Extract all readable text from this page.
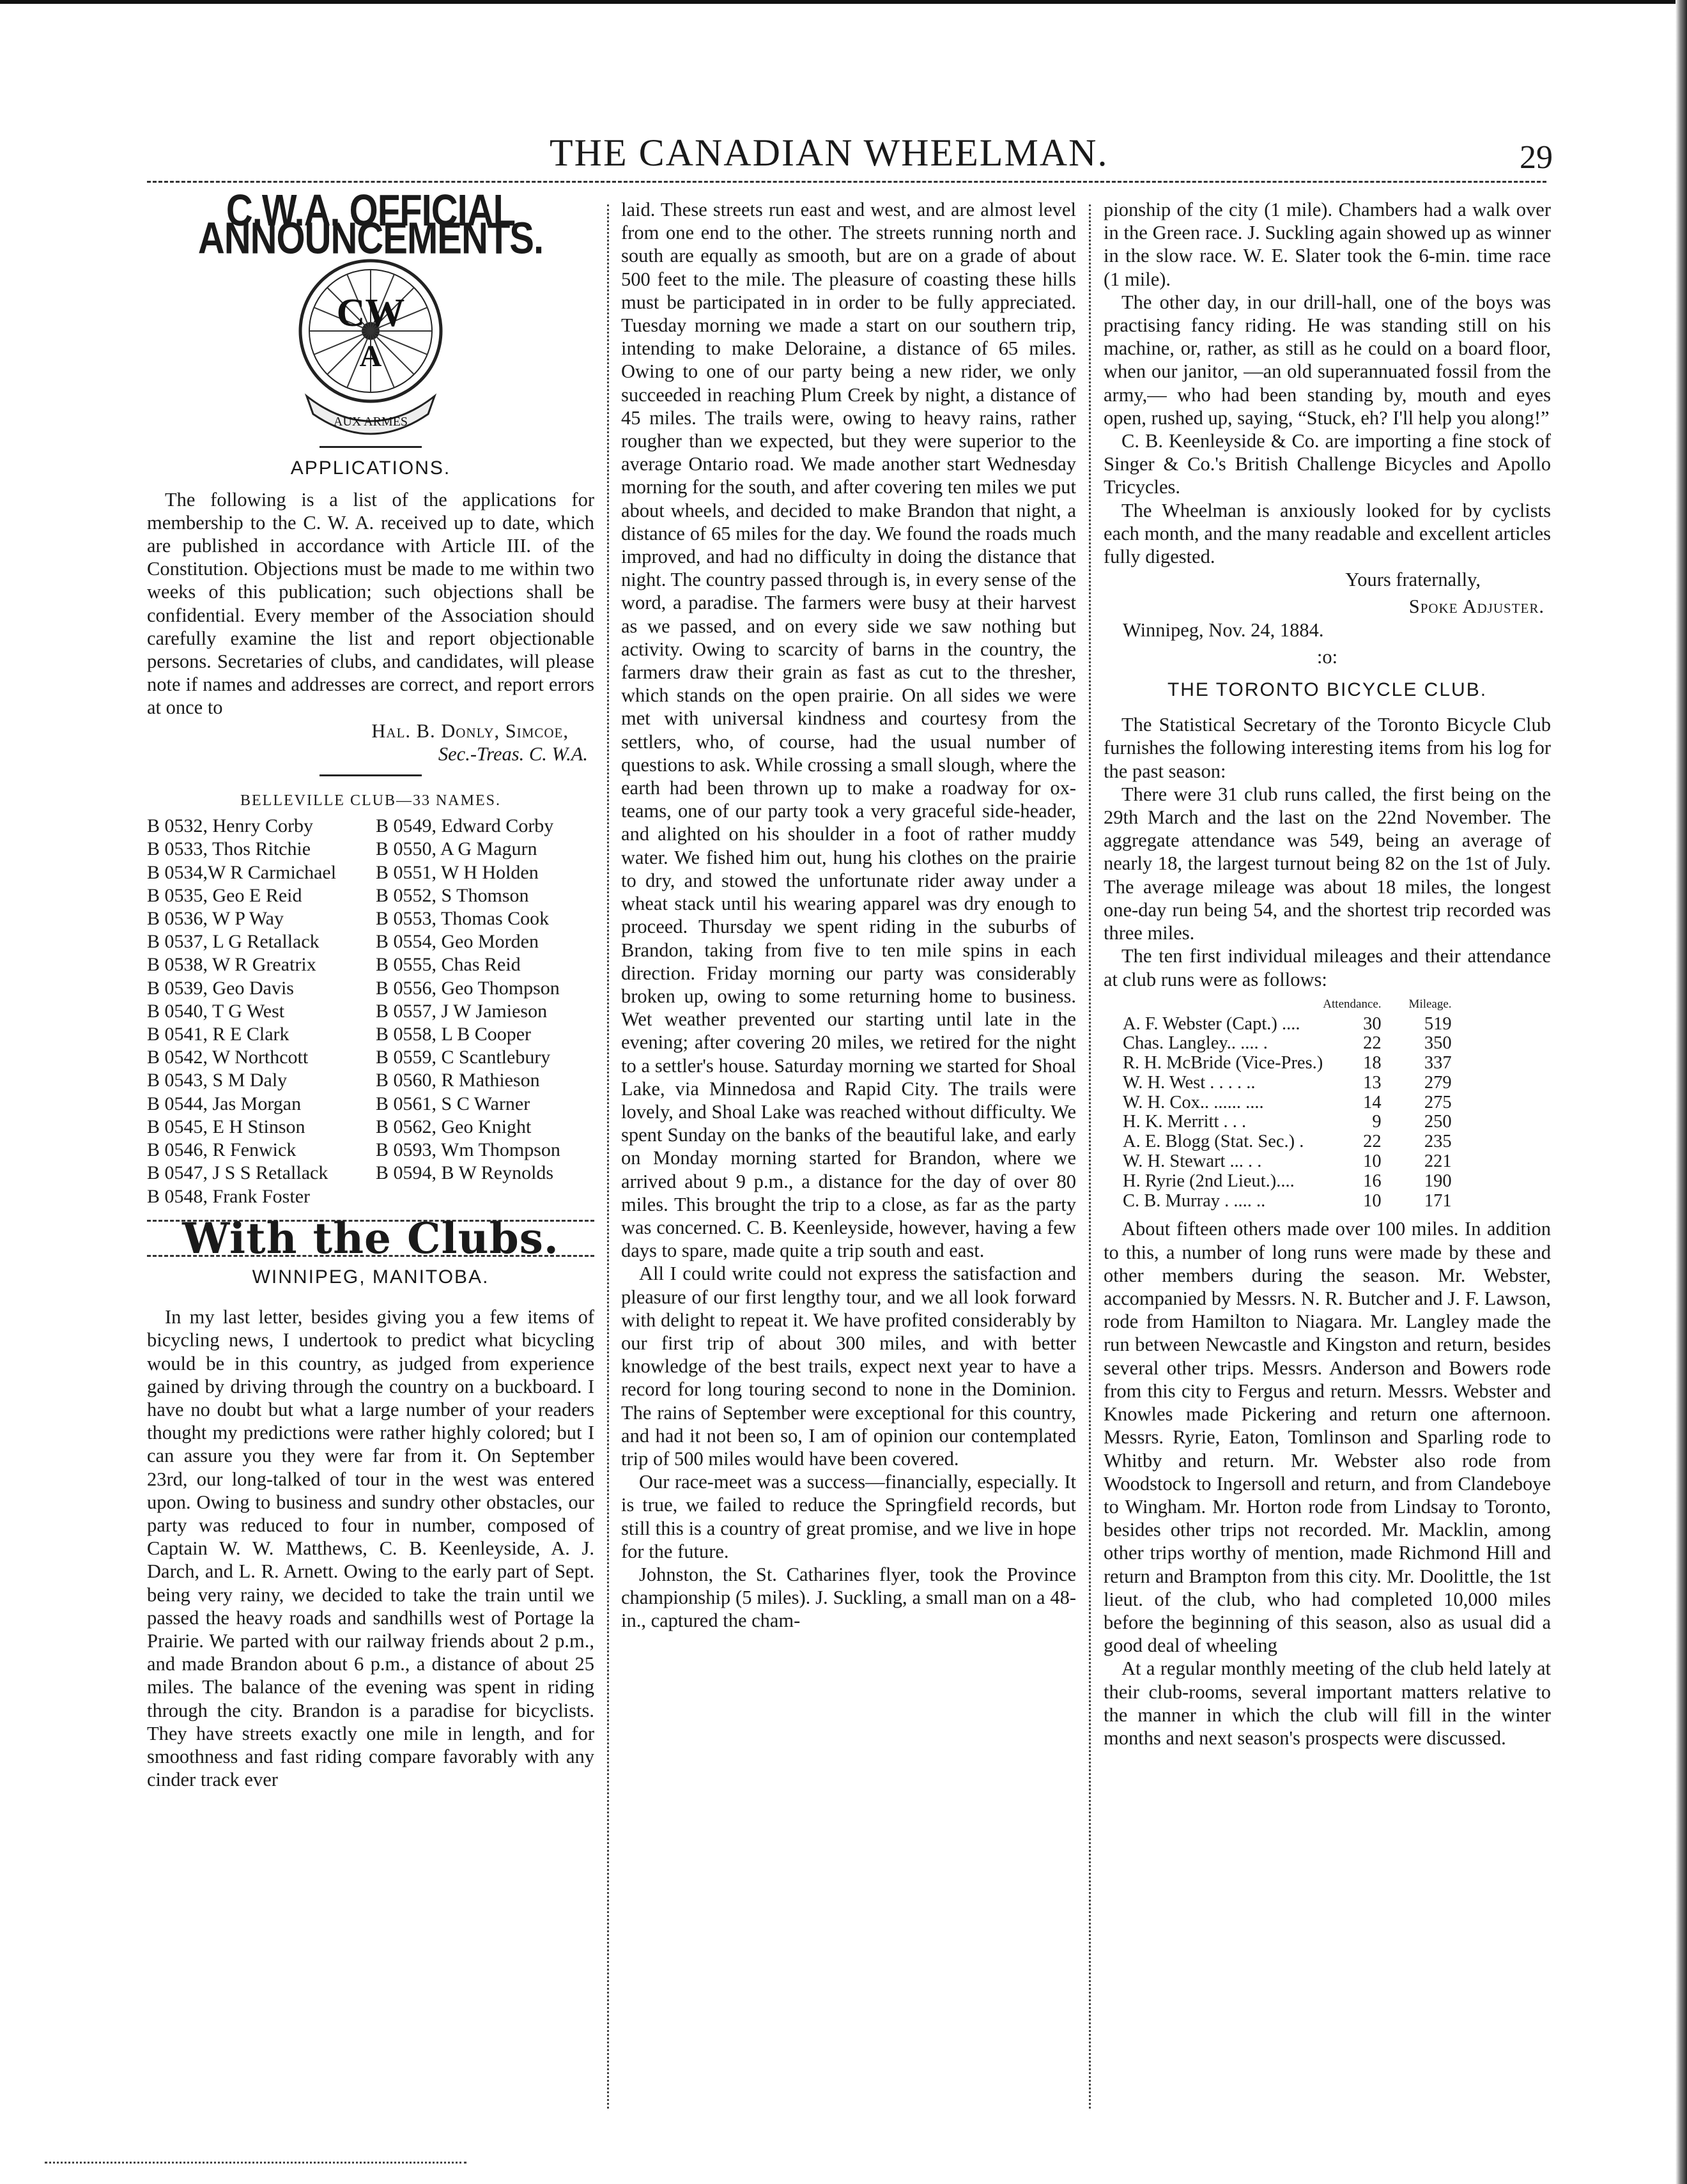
THE CANADIAN WHEELMAN.	29
C.W.A. OFFICIAL ANNOUNCEMENTS.
CW
A
AUX ARMES
APPLICATIONS.

The following is a list of the applications for membership to the C. W. A. received up to date, which are published in accordance with Article III. of the Constitution. Objections must be made to me within two weeks of this publication; such objections shall be confidential. Every member of the Association should carefully examine the list and report objectionable persons. Secretaries of clubs, and candidates, will please note if names and addresses are correct, and report errors at once to

Hal. B. Donly, Simcoe,
Sec.-Treas. C. W.A.
BELLEVILLE CLUB—33 NAMES.
B 0532, Henry Corby	B 0549, Edward Corby
B 0533, Thos Ritchie	B 0550, A G Magurn
B 0534,W R Carmichael	B 0551, W H Holden
B 0535, Geo E Reid	B 0552, S Thomson
B 0536, W P Way	B 0553, Thomas Cook
B 0537, L G Retallack	B 0554, Geo Morden
B 0538, W R Greatrix	B 0555, Chas Reid
B 0539, Geo Davis	B 0556, Geo Thompson
B 0540, T G West	B 0557, J W Jamieson
B 0541, R E Clark	B 0558, L B Cooper
B 0542, W Northcott	B 0559, C Scantlebury
B 0543, S M Daly	B 0560, R Mathieson
B 0544, Jas Morgan	B 0561, S C Warner
B 0545, E H Stinson	B 0562, Geo Knight
B 0546, R Fenwick	B 0593, Wm Thompson
B 0547, J S S Retallack	B 0594, B W Reynolds
B 0548, Frank Foster
With the Clubs.
WINNIPEG, MANITOBA.

In my last letter, besides giving you a few items of bicycling news, I undertook to predict what bicycling would be in this country, as judged from experience gained by driving through the country on a buckboard. I have no doubt but what a large number of your readers thought my predictions were rather highly colored; but I can assure you they were far from it. On September 23rd, our long-talked of tour in the west was entered upon. Owing to business and sundry other obstacles, our party was reduced to four in number, composed of Captain W. W. Matthews, C. B. Keenleyside, A. J. Darch, and L. R. Arnett. Owing to the early part of Sept. being very rainy, we decided to take the train until we passed the heavy roads and sandhills west of Portage la Prairie. We parted with our railway friends about 2 p.m., and made Brandon about 6 p.m., a distance of about 25 miles. The balance of the evening was spent in riding through the city. Brandon is a paradise for bicyclists. They have streets exactly one mile in length, and for smoothness and fast riding compare favorably with any cinder track ever

laid. These streets run east and west, and are almost level from one end to the other. The streets running north and south are equally as smooth, but are on a grade of about 500 feet to the mile. The pleasure of coasting these hills must be participated in in order to be fully appreciated. Tuesday morning we made a start on our southern trip, intending to make Deloraine, a distance of 65 miles. Owing to one of our party being a new rider, we only succeeded in reaching Plum Creek by night, a distance of 45 miles. The trails were, owing to heavy rains, rather rougher than we expected, but they were superior to the average Ontario road. We made another start Wednesday morning for the south, and after covering ten miles we put about wheels, and decided to make Brandon that night, a distance of 65 miles for the day. We found the roads much improved, and had no difficulty in doing the distance that night. The country passed through is, in every sense of the word, a paradise. The farmers were busy at their harvest as we passed, and on every side we saw nothing but activity. Owing to scarcity of barns in the country, the farmers draw their grain as fast as cut to the thresher, which stands on the open prairie. On all sides we were met with universal kindness and courtesy from the settlers, who, of course, had the usual number of questions to ask. While crossing a small slough, where the earth had been thrown up to make a roadway for ox-teams, one of our party took a very graceful side-header, and alighted on his shoulder in a foot of rather muddy water. We fished him out, hung his clothes on the prairie to dry, and stowed the unfortunate rider away under a wheat stack until his wearing apparel was dry enough to proceed. Thursday we spent riding in the suburbs of Brandon, taking from five to ten mile spins in each direction. Friday morning our party was considerably broken up, owing to some returning home to business. Wet weather prevented our starting until late in the evening; after covering 20 miles, we retired for the night to a settler's house. Saturday morning we started for Shoal Lake, via Minnedosa and Rapid City. The trails were lovely, and Shoal Lake was reached without difficulty. We spent Sunday on the banks of the beautiful lake, and early on Monday morning started for Brandon, where we arrived about 9 p.m., a distance for the day of over 80 miles. This brought the trip to a close, as far as the party was concerned. C. B. Keenleyside, however, having a few days to spare, made quite a trip south and east.

All I could write could not express the satisfaction and pleasure of our first lengthy tour, and we all look forward with delight to repeat it. We have profited considerably by our first trip of about 300 miles, and with better knowledge of the best trails, expect next year to have a record for long touring second to none in the Dominion. The rains of September were exceptional for this country, and had it not been so, I am of opinion our contemplated trip of 500 miles would have been covered.

Our race-meet was a success—financially, especially. It is true, we failed to reduce the Springfield records, but still this is a country of great promise, and we live in hope for the future.

Johnston, the St. Catharines flyer, took the Province championship (5 miles). J. Suckling, a small man on a 48-in., captured the cham-

pionship of the city (1 mile). Chambers had a walk over in the Green race. J. Suckling again showed up as winner in the slow race. W. E. Slater took the 6-min. time race (1 mile).

The other day, in our drill-hall, one of the boys was practising fancy riding. He was standing still on his machine, or, rather, as still as he could on a board floor, when our janitor, —an old superannuated fossil from the army,— who had been standing by, mouth and eyes open, rushed up, saying, “Stuck, eh? I'll help you along!”

C. B. Keenleyside & Co. are importing a fine stock of Singer & Co.'s British Challenge Bicycles and Apollo Tricycles.

The Wheelman is anxiously looked for by cyclists each month, and the many readable and excellent articles fully digested.

Yours fraternally,
Spoke Adjuster.
Winnipeg, Nov. 24, 1884.
:o:
THE TORONTO BICYCLE CLUB.

The Statistical Secretary of the Toronto Bicycle Club furnishes the following interesting items from his log for the past season:

There were 31 club runs called, the first being on the 29th March and the last on the 22nd November. The aggregate attendance was 549, being an average of nearly 18, the largest turnout being 82 on the 1st of July. The average mileage was about 18 miles, the longest one-day run being 54, and the shortest trip recorded was three miles.

The ten first individual mileages and their attendance at club runs were as follows:

	Attendance.	Mileage.
A. F. Webster (Capt.) ....	30	519
Chas. Langley.. .... .	22	350
R. H. McBride (Vice-Pres.)	18	337
W. H. West . . . . ..	13	279
W. H. Cox.. ...... ....	14	275
H. K. Merritt . . .	9	250
A. E. Blogg (Stat. Sec.) .	22	235
W. H. Stewart ... . .	10	221
H. Ryrie (2nd Lieut.)....	16	190
C. B. Murray . .... ..	10	171

About fifteen others made over 100 miles. In addition to this, a number of long runs were made by these and other members during the season. Mr. Webster, accompanied by Messrs. N. R. Butcher and J. F. Lawson, rode from Hamilton to Niagara. Mr. Langley made the run between Newcastle and Kingston and return, besides several other trips. Messrs. Anderson and Bowers rode from this city to Fergus and return. Messrs. Webster and Knowles made Pickering and return one afternoon. Messrs. Ryrie, Eaton, Tomlinson and Sparling rode to Whitby and return. Mr. Webster also rode from Woodstock to Ingersoll and return, and from Clandeboye to Wingham. Mr. Horton rode from Lindsay to Toronto, besides other trips not recorded. Mr. Macklin, among other trips worthy of mention, made Richmond Hill and return and Brampton from this city. Mr. Doolittle, the 1st lieut. of the club, who had completed 10,000 miles before the beginning of this season, also as usual did a good deal of wheeling

At a regular monthly meeting of the club held lately at their club-rooms, several important matters relative to the manner in which the club will fill in the winter months and next season's prospects were discussed.
